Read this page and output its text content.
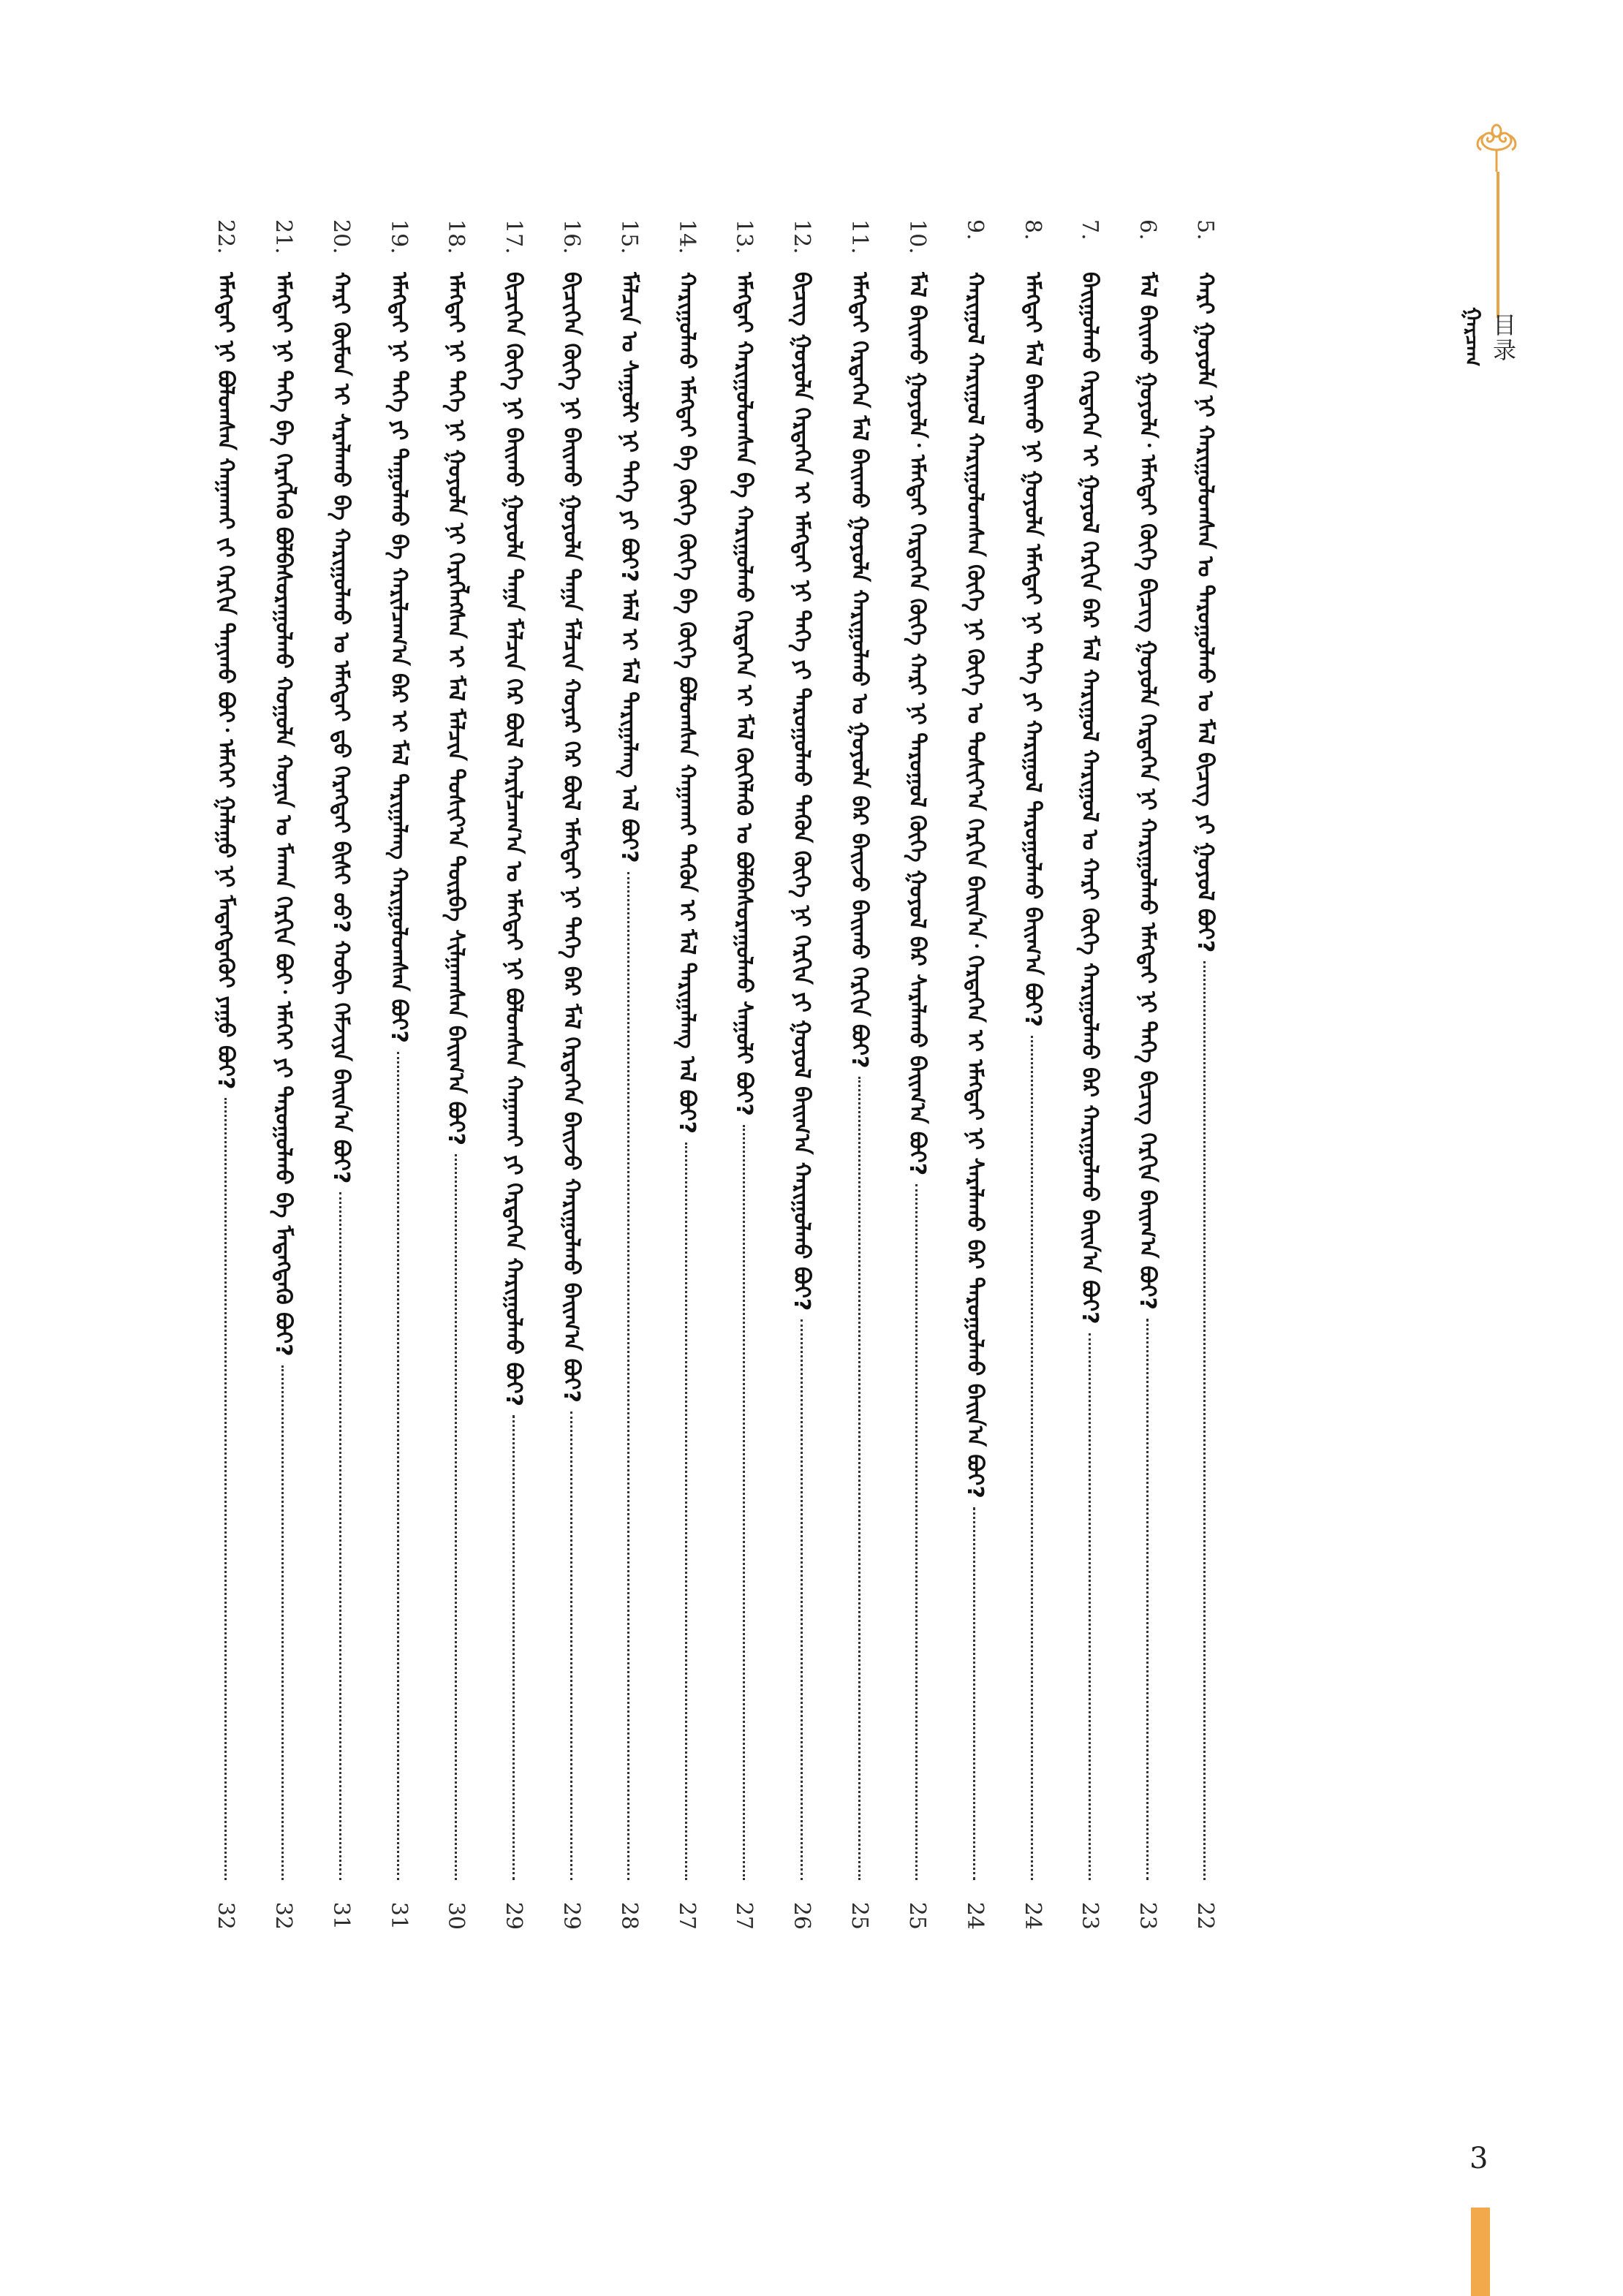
ᠭᠠᠷᠴᠠᠭ 目录
22.
ᠡᠮᠡᠭᠲᠡᠢ ᠨᠢ ᠪᠣᠯᠤᠭᠰᠠᠨ ᠬᠠᠭᠠᠬᠠᠢ ᠵᠢ ᠬᠡᠷᠬᠢᠨ ᠲᠠᠨᠢᠬᠤ ᠪᠤᠢ᠂ ᠡᠮᠡᠬᠡᠢ ᠭᠠᠯᠠᠭᠤ ᠨᠢ ᠮᠡᠳᠡᠭᠳᠡᠬᠦᠢ ᠶᠠᠭᠤ ᠪᠤᠢ?
32
21.
ᠡᠮᠡᠭᠲᠡᠢ ᠨᠢ ᠳᠡᠭᠡ ᠪᠡ ᠬᠡᠷᠡᠭᠯᠡᠬᠦ ᠪᠣᠯᠪᠠᠰᠤᠷᠠᠭᠤᠯᠬᠤ ᠬᠣᠭᠤᠯᠠ ᠬᠣᠨᠢᠨ ᠤ ᠮᠠᠬᠠᠨ ᠬᠡᠷᠬᠢᠨ ᠪᠤᠢ᠂ ᠡᠮᠡᠬᠡᠢ ᠶᠢ ᠲᠠᠷᠤᠭᠤᠯᠬᠤ ᠪᠡ ᠮᠡᠳᠡᠭᠳᠡᠬᠦ ᠪᠤᠢ?
32
20.
ᠬᠠᠷᠢ ᠬᠦᠮᠦᠨ ᠢ ᠰᠠᠷᠠᠯᠠᠬᠤ ᠪᠡ ᠬᠠᠷᠢᠭᠤᠯᠬᠤ ᠤ ᠡᠮᠡᠭᠲᠡᠢ ᠳ᠋ᠤ ᠬᠡᠷᠡᠭᠲᠡᠢ ᠪᠢᠰᠢ ᠤᠤ? ᠬᠤᠪᠢ ᠬᠡᠮᠵᠢᠶᠡ ᠪᠠᠢᠨ᠎ᠠ ᠪᠤᠢ?
31
19.
ᠡᠮᠡᠭᠲᠡᠢ ᠨᠢ ᠳᠡᠭᠡ ᠶᠢ ᠲᠠᠭᠤᠯᠬᠤ ᠪᠡ ᠬᠠᠷᠢᠯᠴᠠᠭ᠎ᠠ ᠪᠠᠷ ᠢ ᠮᠠᠯ ᠲᠠᠷᠢᠭᠠᠯᠠᠩ ᠬᠠᠷᠢᠭᠤᠯᠤᠭᠰᠠᠨ ᠪᠤᠢ?
31
18.
ᠡᠮᠡᠭᠲᠡᠢ ᠨᠢ ᠳᠡᠭᠡ ᠨᠢ ᠭᠤᠶᠤᠯᠠ ᠨᠢ ᠬᠡᠷᠡᠭᠯᠡᠭᠰᠡᠨ ᠢ ᠮᠠᠯ ᠮᠠᠯᠴᠢᠨ ᠲᠤᠰᠢᠶ᠎ᠠ ᠳᠦᠷᠪᠡ ᠰᠢᠯᠭᠠᠭᠰᠠᠨ ᠪᠠᠢᠭ᠎ᠠ ᠪᠤᠢ?
30
17.
ᠪᠢᠴᠢᠬᠡᠨ ᠬᠦᠭᠡ ᠨᠢ ᠪᠠᠢᠬᠤ ᠭᠤᠶᠤᠯᠠ ᠳᠠᠭᠠ ᠮᠠᠯᠴᠢᠨ ᠭᠡᠷ ᠪᠦᠯ ᠬᠠᠷᠢᠯᠴᠠᠭ᠎ᠠ ᠤ ᠡᠮᠡᠭᠲᠡᠢ ᠨᠢ ᠪᠣᠯᠤᠭᠰᠠᠨ ᠬᠠᠭᠠᠬᠠᠢ ᠶᠢ ᠭᠡᠷᠲᠡᠭᠡᠨ ᠬᠠᠷᠢᠭᠤᠯᠬᠤ ᠪᠤᠢ?
29
16.
ᠪᠢᠴᠢᠬᠡᠨ ᠬᠦᠭᠡ ᠨᠢ ᠪᠠᠢᠬᠤ ᠭᠤᠶᠤᠯᠠ ᠳᠠᠭᠠ ᠮᠠᠯᠴᠢᠨ ᠬᠣᠶᠠᠷ ᠭᠡᠷ ᠪᠦᠯ ᠡᠮᠡᠭᠲᠡᠢ ᠨᠢ ᠳᠡᠭᠡ ᠪᠡᠷ ᠮᠠᠯ ᠭᠡᠷᠲᠡᠭᠡᠨ ᠪᠠᠢᠵᠤ ᠬᠠᠷᠢᠭᠤᠯᠬᠤ ᠪᠠᠢᠭ᠎ᠠ ᠪᠤᠢ?
29
15.
ᠮᠠᠯᠴᠢᠨ ᠤ ᠰᠠᠭᠤᠯᠢ ᠨᠢ ᠳᠡᠭᠡ ᠶᠢ ᠪᠤᠢ? ᠡᠮᠡᠯ ᠢ ᠮᠠᠯ ᠲᠠᠷᠢᠭᠠᠯᠠᠩ ᠠᠯ ᠪᠤᠢ?
28
14.
ᠬᠠᠷᠢᠭᠤᠯᠬᠤ ᠡᠮᠡᠭᠲᠡᠢ ᠪᠡ ᠬᠦᠭᠡ ᠬᠦᠭᠡ ᠪᠡ ᠬᠦᠭᠡ ᠪᠣᠯᠤᠭᠰᠠᠨ ᠬᠠᠭᠠᠬᠠᠢ ᠲᠡᠭᠦᠨ ᠢ ᠮᠠᠯ ᠲᠠᠷᠢᠭᠠᠯᠠᠩ ᠠᠯ ᠪᠤᠢ?
27
13.
ᠡᠮᠡᠭᠲᠡᠢ ᠬᠠᠷᠢᠭᠤᠯᠤᠭᠰᠠᠨ ᠪᠡ ᠬᠠᠷᠢᠭᠤᠯᠬᠤ ᠭᠡᠷᠲᠡᠭᠡᠨ ᠢ ᠮᠠᠯ ᠬᠦᠭᠡᠯᠡᠬᠦ ᠤ ᠪᠣᠯᠪᠠᠰᠤᠷᠠᠭᠤᠯᠬᠤ ᠰᠠᠭᠤᠯᠢ ᠪᠤᠢ?
27
12.
ᠪᠢᠴᠢᠭ ᠭᠤᠶᠤᠯᠠ ᠭᠡᠷᠲᠡᠭᠡᠨ ᠢ ᠡᠮᠡᠭᠲᠡᠢ ᠨᠢ ᠳᠡᠭᠡ ᠶᠢ ᠲᠠᠷᠤᠭᠤᠯᠬᠤ ᠲᠡᠭᠦᠨ ᠬᠦᠭᠡ ᠨᠢ ᠬᠡᠷᠬᠢᠨ ᠶᠢ ᠭᠤᠶᠤᠯ ᠪᠠᠢᠭ᠎ᠠ ᠬᠠᠷᠢᠭᠤᠯᠬᠤ ᠪᠤᠢ?
26
11.
ᠡᠮᠡᠭᠲᠡᠢ ᠭᠡᠷᠲᠡᠭᠡᠨ ᠮᠠᠯ ᠪᠠᠢᠬᠤ ᠭᠤᠶᠤᠯᠠ ᠬᠠᠷᠢᠭᠤᠯᠬᠤ ᠤ ᠭᠤᠶᠤᠯᠠ ᠪᠡᠷ ᠪᠠᠢᠵᠤ ᠪᠠᠢᠬᠤ ᠬᠡᠷᠬᠢᠨ ᠪᠤᠢ?
25
10.
ᠮᠠᠯ ᠪᠠᠢᠬᠤ ᠭᠤᠶᠤᠯᠠ᠂ ᠡᠮᠡᠭᠲᠡᠢ ᠭᠡᠷᠲᠡᠭᠡᠨ ᠬᠦᠭᠡ ᠬᠠᠷᠢ ᠨᠢ ᠲᠠᠷᠤᠭᠤᠯ ᠬᠦᠭᠡ ᠭᠤᠶᠤᠯ ᠪᠡᠷ ᠰᠠᠷᠠᠯᠠᠬᠤ ᠪᠠᠢᠭ᠎ᠠ ᠪᠤᠢ?
25
9.
ᠬᠠᠷᠢᠭᠤᠯ ᠬᠠᠷᠢᠭᠤᠯ ᠬᠠᠷᠢᠭᠤᠯᠤᠭᠰᠠᠨ ᠬᠦᠭᠡ ᠨᠢ ᠬᠦᠭᠡ ᠤ ᠲᠤᠰᠢᠶ᠎ᠠ ᠬᠡᠷᠬᠢᠨ ᠪᠠᠢᠨ᠎ᠠ᠂ ᠭᠡᠷᠲᠡᠭᠡᠨ ᠢ ᠡᠮᠡᠭᠲᠡᠢ ᠨᠢ ᠰᠠᠷᠠᠯᠠᠬᠤ ᠪᠡᠷ ᠲᠠᠷᠤᠭᠤᠯᠬᠤ ᠪᠠᠢᠨ᠎ᠠ ᠪᠤᠢ?
24
8.
ᠡᠮᠡᠭᠲᠡᠢ ᠮᠠᠯ ᠪᠠᠢᠬᠤ ᠨᠢ ᠭᠤᠶᠤᠯᠠ ᠡᠮᠡᠭᠲᠡᠢ ᠨᠢ ᠳᠡᠭᠡ ᠶᠢ ᠬᠠᠷᠢᠭᠤᠯ ᠲᠠᠷᠤᠭᠤᠯᠬᠤ ᠪᠠᠢᠭ᠎ᠠ ᠪᠤᠢ?
24
7.
ᠪᠠᠢᠭᠤᠯᠬᠤ ᠭᠡᠷᠲᠡᠭᠡᠨ ᠢ ᠭᠤᠶᠤᠯ ᠬᠡᠷᠬᠢᠨ ᠪᠡᠷ ᠮᠠᠯ ᠬᠠᠷᠢᠭᠤᠯ ᠬᠠᠷᠢᠭᠤᠯ ᠤ ᠬᠠᠷᠢ ᠬᠦᠭᠡ ᠬᠠᠷᠢᠭᠤᠯᠬᠤ ᠪᠡᠷ ᠬᠠᠷᠢᠭᠤᠯᠬᠤ ᠪᠠᠢᠨ᠎ᠠ ᠪᠤᠢ?
23
6.
ᠮᠠᠯ ᠪᠠᠢᠬᠤ ᠭᠤᠶᠤᠯᠠ᠂ ᠡᠮᠡᠭᠲᠡᠢ ᠬᠦᠭᠡ ᠪᠢᠴᠢᠭ ᠭᠤᠶᠤᠯᠠ ᠭᠡᠷᠲᠡᠭᠡᠨ ᠨᠢ ᠬᠠᠷᠢᠭᠤᠯᠬᠤ ᠡᠮᠡᠭᠲᠡᠢ ᠨᠢ ᠳᠡᠭᠡ ᠪᠢᠴᠢᠭ ᠬᠡᠷᠬᠢᠨ ᠪᠠᠢᠭ᠎ᠠ ᠪᠤᠢ?
23
5.
ᠬᠠᠷᠢ ᠭᠤᠶᠤᠯᠠ ᠨᠢ ᠬᠠᠷᠢᠭᠤᠯᠤᠭᠰᠠᠨ ᠤ ᠲᠠᠷᠤᠭᠤᠯᠬᠤ ᠤ ᠮᠠᠯ ᠪᠢᠴᠢᠭ ᠶᠢ ᠭᠤᠶᠤᠯ ᠪᠤᠢ?
22
3
